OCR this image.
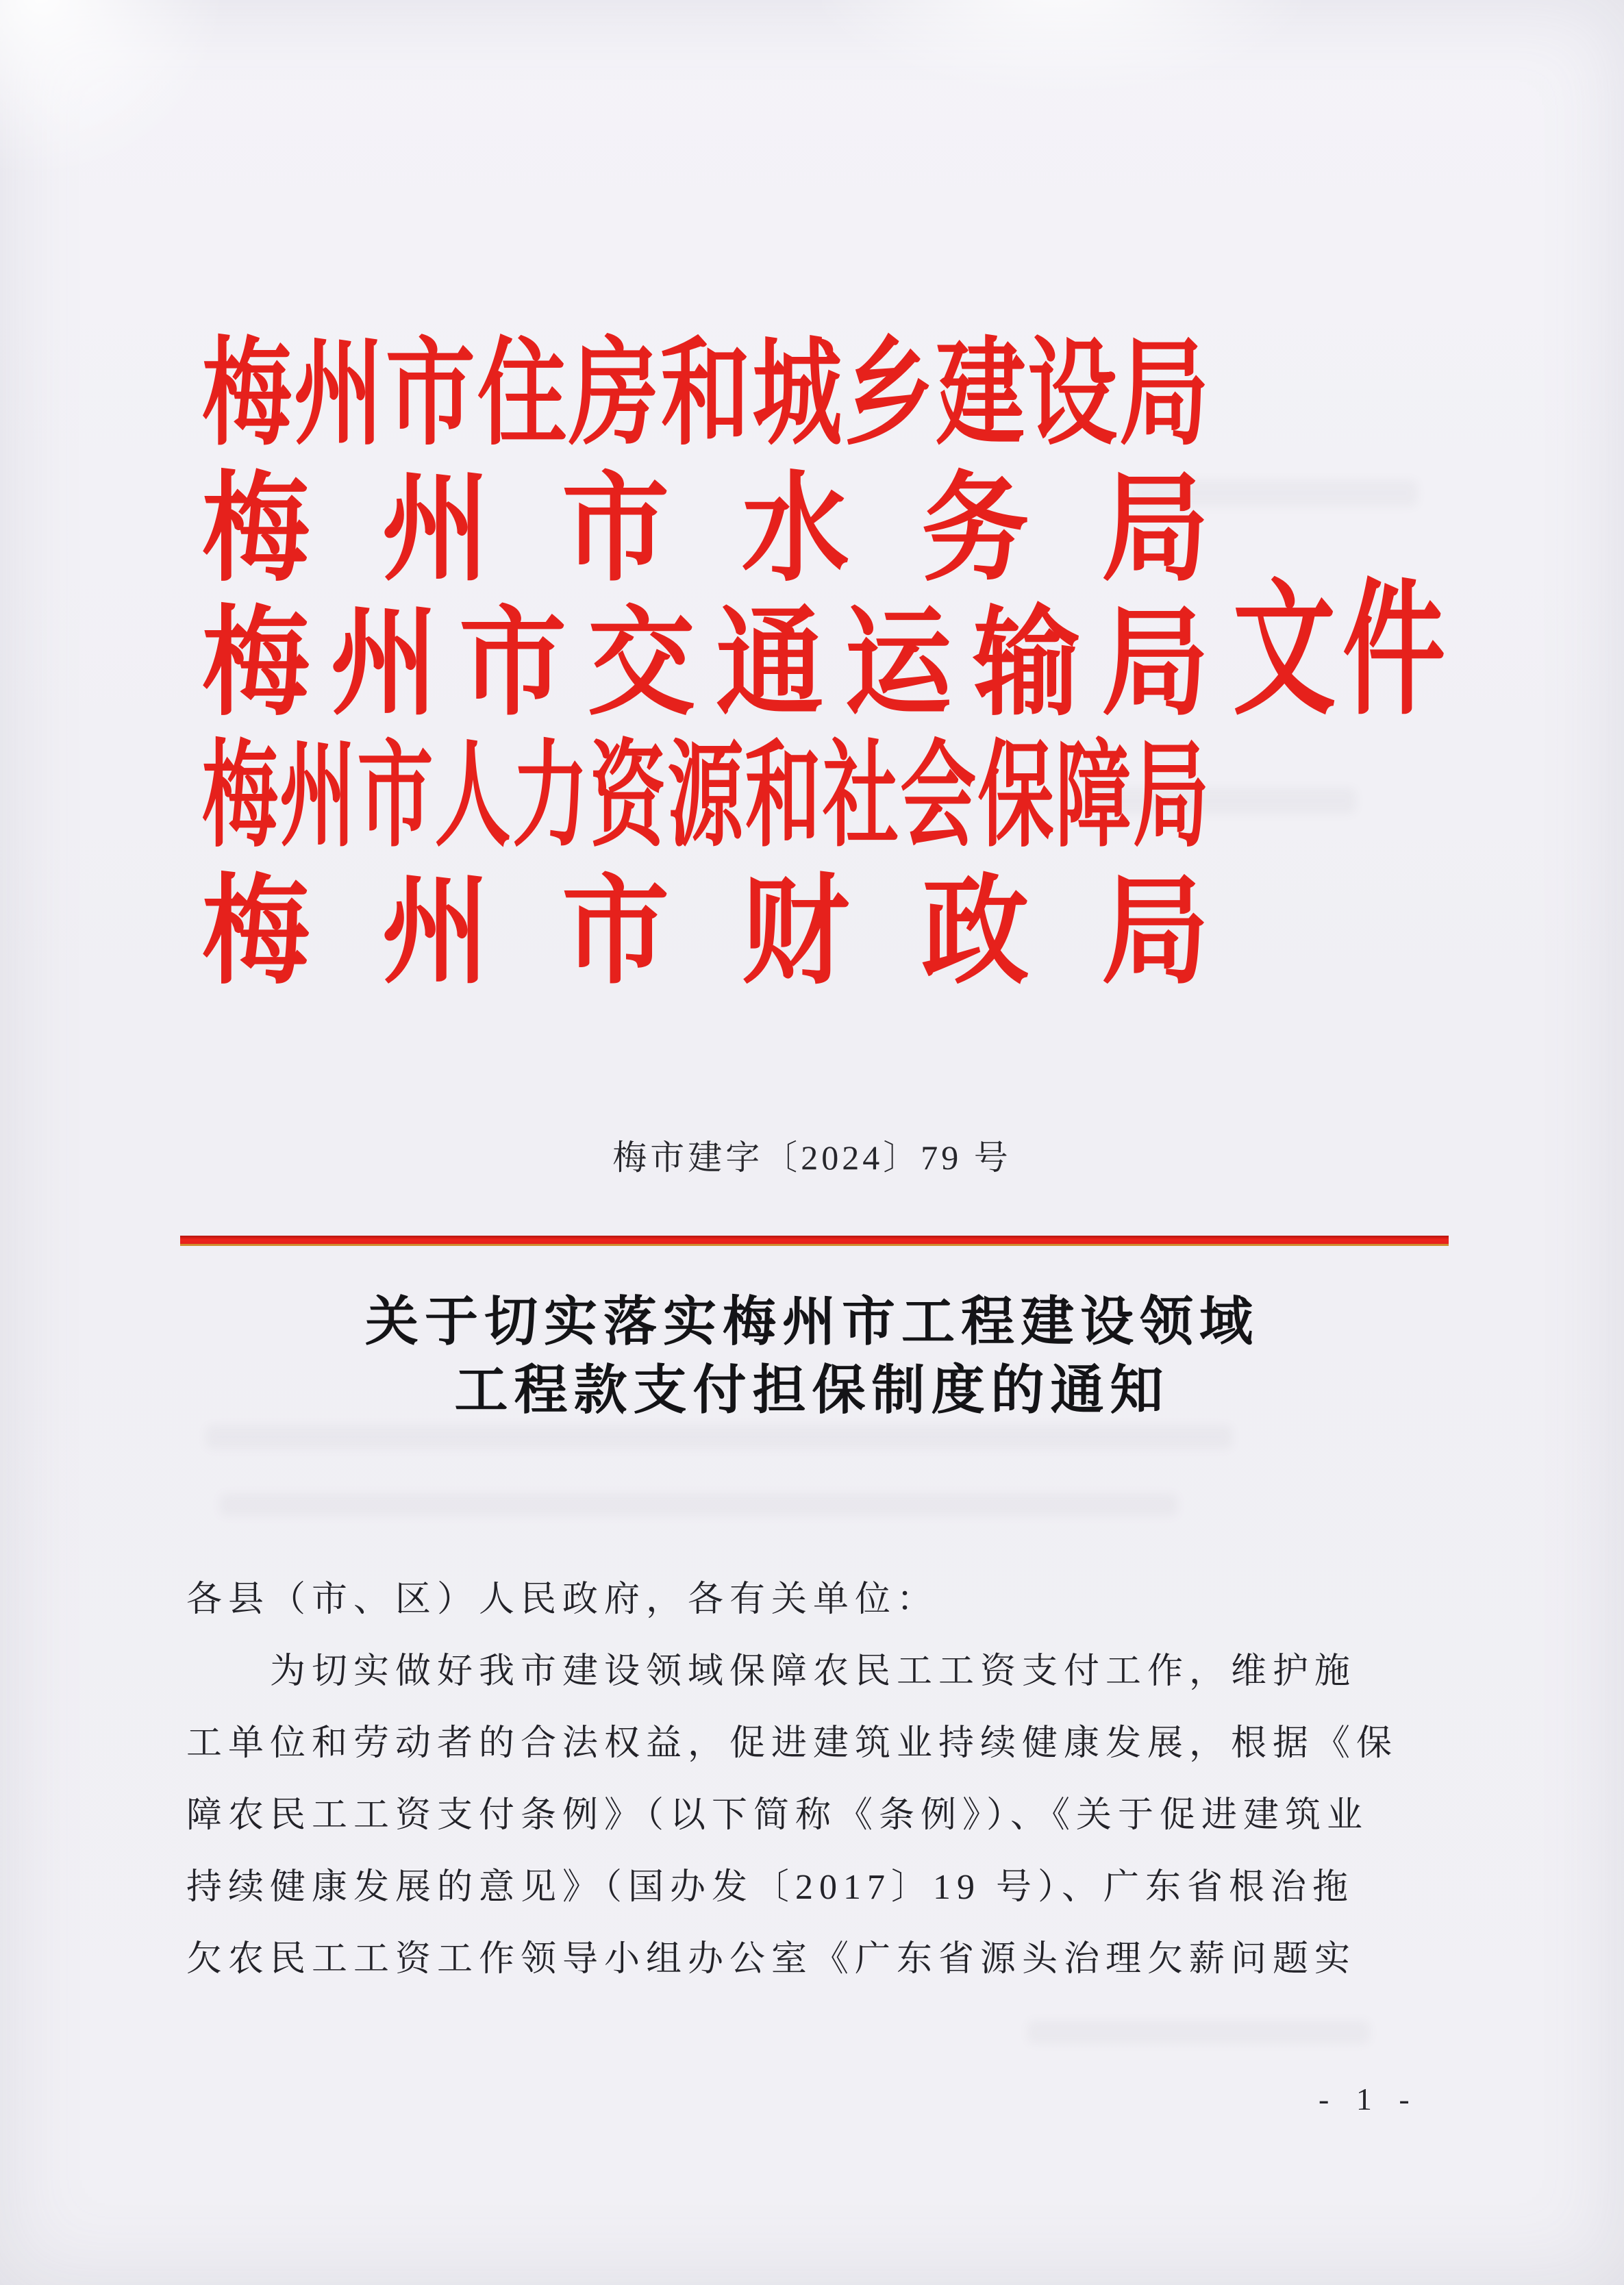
梅州市住房和城乡建设局
梅州市水务局
梅州市交通运输局
梅州市人力资源和社会保障局
梅州市财政局
文件
梅市建字〔2024〕79 号
关于切实落实梅州市工程建设领域
工程款支付担保制度的通知
各县（市、区）人民政府，各有关单位：
为切实做好我市建设领域保障农民工工资支付工作，维护施
工单位和劳动者的合法权益，促进建筑业持续健康发展，根据《保
障农民工工资支付条例》（以下简称《条例》）、《关于促进建筑业
持续健康发展的意见》（国办发〔2017〕19 号）、广东省根治拖
欠农民工工资工作领导小组办公室《广东省源头治理欠薪问题实
- 1 -
